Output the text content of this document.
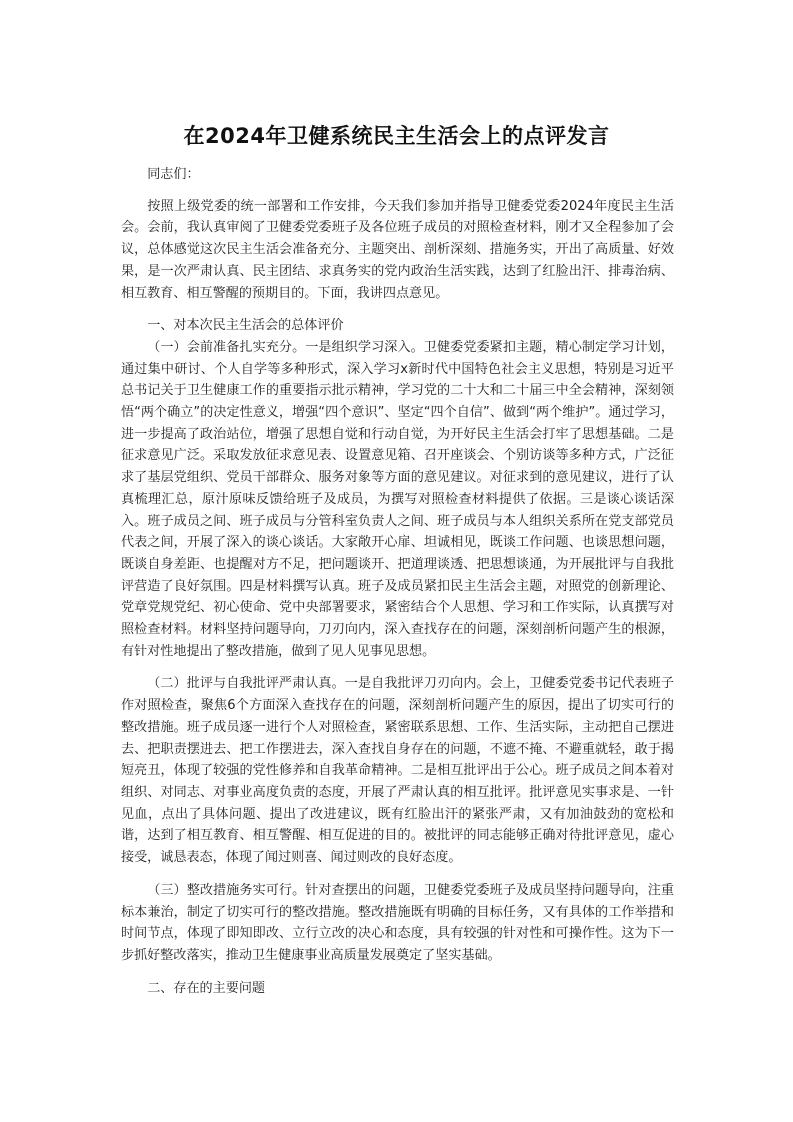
在2024年卫健系统民主生活会上的点评发言

同志们：

按照上级党委的统一部署和工作安排，今天我们参加并指导卫健委党委2024年度民主生活会。会前，我认真审阅了卫健委党委班子及各位班子成员的对照检查材料，刚才又全程参加了会议，总体感觉这次民主生活会准备充分、主题突出、剖析深刻、措施务实，开出了高质量、好效果，是一次严肃认真、民主团结、求真务实的党内政治生活实践，达到了红脸出汗、排毒治病、相互教育、相互警醒的预期目的。下面，我讲四点意见。

一、对本次民主生活会的总体评价

（一）会前准备扎实充分。一是组织学习深入。卫健委党委紧扣主题，精心制定学习计划，通过集中研讨、个人自学等多种形式，深入学习x新时代中国特色社会主义思想，特别是习近平总书记关于卫生健康工作的重要指示批示精神，学习党的二十大和二十届三中全会精神，深刻领悟“两个确立”的决定性意义，增强“四个意识”、坚定“四个自信”、做到“两个维护”。通过学习，进一步提高了政治站位，增强了思想自觉和行动自觉，为开好民主生活会打牢了思想基础。二是征求意见广泛。采取发放征求意见表、设置意见箱、召开座谈会、个别访谈等多种方式，广泛征求了基层党组织、党员干部群众、服务对象等方面的意见建议。对征求到的意见建议，进行了认真梳理汇总，原汁原味反馈给班子及成员，为撰写对照检查材料提供了依据。三是谈心谈话深入。班子成员之间、班子成员与分管科室负责人之间、班子成员与本人组织关系所在党支部党员代表之间，开展了深入的谈心谈话。大家敞开心扉、坦诚相见，既谈工作问题、也谈思想问题，既谈自身差距、也提醒对方不足，把问题谈开、把道理谈透、把思想谈通，为开展批评与自我批评营造了良好氛围。四是材料撰写认真。班子及成员紧扣民主生活会主题，对照党的创新理论、党章党规党纪、初心使命、党中央部署要求，紧密结合个人思想、学习和工作实际，认真撰写对照检查材料。材料坚持问题导向，刀刃向内，深入查找存在的问题，深刻剖析问题产生的根源，有针对性地提出了整改措施，做到了见人见事见思想。

（二）批评与自我批评严肃认真。一是自我批评刀刃向内。会上，卫健委党委书记代表班子作对照检查，聚焦6个方面深入查找存在的问题，深刻剖析问题产生的原因，提出了切实可行的整改措施。班子成员逐一进行个人对照检查，紧密联系思想、工作、生活实际，主动把自己摆进去、把职责摆进去、把工作摆进去，深入查找自身存在的问题，不遮不掩、不避重就轻，敢于揭短亮丑，体现了较强的党性修养和自我革命精神。二是相互批评出于公心。班子成员之间本着对组织、对同志、对事业高度负责的态度，开展了严肃认真的相互批评。批评意见实事求是、一针见血，点出了具体问题、提出了改进建议，既有红脸出汗的紧张严肃，又有加油鼓劲的宽松和谐，达到了相互教育、相互警醒、相互促进的目的。被批评的同志能够正确对待批评意见，虚心接受，诚恳表态，体现了闻过则喜、闻过则改的良好态度。

（三）整改措施务实可行。针对查摆出的问题，卫健委党委班子及成员坚持问题导向，注重标本兼治，制定了切实可行的整改措施。整改措施既有明确的目标任务，又有具体的工作举措和时间节点，体现了即知即改、立行立改的决心和态度，具有较强的针对性和可操作性。这为下一步抓好整改落实，推动卫生健康事业高质量发展奠定了坚实基础。

二、存在的主要问题
